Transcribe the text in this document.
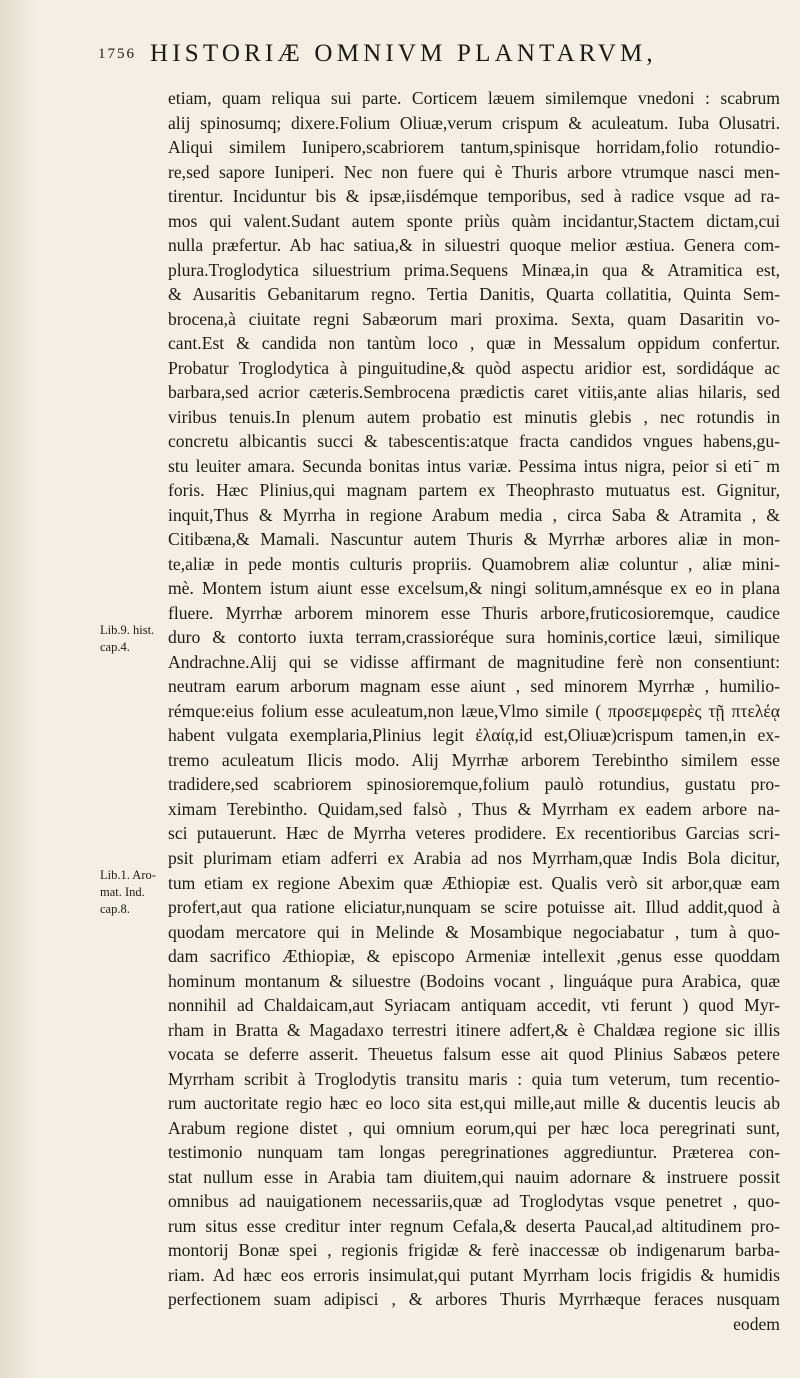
1756 HISTORIÆ OMNIVM PLANTARVM,
Lib.9. hist.
cap.4.
Lib.1. Aro-
mat. Ind.
cap.8.
etiam, quam reliqua sui parte. Corticem læuem similemque vnedoni : scabrum
alij spinosumq; dixere.Folium Oliuæ,verum crispum & aculeatum. Iuba Olusatri.
Aliqui similem Iunipero,scabriorem tantum,spinisque horridam,folio rotundio-
re,sed sapore Iuniperi. Nec non fuere qui è Thuris arbore vtrumque nasci men-
tirentur. Inciduntur bis & ipsæ,iisdémque temporibus, sed à radice vsque ad ra-
mos qui valent.Sudant autem sponte priùs quàm incidantur,Stactem dictam,cui
nulla præfertur. Ab hac satiua,& in siluestri quoque melior æstiua. Genera com-
plura.Troglodytica siluestrium prima.Sequens Minæa,in qua & Atramitica est,
& Ausaritis Gebanitarum regno. Tertia Danitis, Quarta collatitia, Quinta Sem-
brocena,à ciuitate regni Sabæorum mari proxima. Sexta, quam Dasaritin vo-
cant.Est & candida non tantùm loco , quæ in Messalum oppidum confertur.
Probatur Troglodytica à pinguitudine,& quòd aspectu aridior est, sordidáque ac
barbara,sed acrior cæteris.Sembrocena prædictis caret vitiis,ante alias hilaris, sed
viribus tenuis.In plenum autem probatio est minutis glebis , nec rotundis in
concretu albicantis succi & tabescentis:atque fracta candidos vngues habens,gu-
stu leuiter amara. Secunda bonitas intus variæ. Pessima intus nigra, peior si eti ̄ m
foris. Hæc Plinius,qui magnam partem ex Theophrasto mutuatus est. Gignitur,
inquit,Thus & Myrrha in regione Arabum media , circa Saba & Atramita , &
Citibæna,& Mamali. Nascuntur autem Thuris & Myrrhæ arbores aliæ in mon-
te,aliæ in pede montis culturis propriis. Quamobrem aliæ coluntur , aliæ mini-
mè. Montem istum aiunt esse excelsum,& ningi solitum,amnésque ex eo in plana
fluere. Myrrhæ arborem minorem esse Thuris arbore,fruticosioremque, caudice
duro & contorto iuxta terram,crassioréque sura hominis,cortice læui, similique
Andrachne.Alij qui se vidisse affirmant de magnitudine ferè non consentiunt:
neutram earum arborum magnam esse aiunt , sed minorem Myrrhæ , humilio-
rémque:eius folium esse aculeatum,non læue,Vlmo simile ( προσεμφερὲς τῇ πτελέᾳ
habent vulgata exemplaria,Plinius legit ἐλαίᾳ,id est,Oliuæ)crispum tamen,in ex-
tremo aculeatum Ilicis modo. Alij Myrrhæ arborem Terebintho similem esse
tradidere,sed scabriorem spinosioremque,folium paulò rotundius, gustatu pro-
ximam Terebintho. Quidam,sed falsò , Thus & Myrrham ex eadem arbore na-
sci putauerunt. Hæc de Myrrha veteres prodidere. Ex recentioribus Garcias scri-
psit plurimam etiam adferri ex Arabia ad nos Myrrham,quæ Indis Bola dicitur,
tum etiam ex regione Abexim quæ Æthiopiæ est. Qualis verò sit arbor,quæ eam
profert,aut qua ratione eliciatur,nunquam se scire potuisse ait. Illud addit,quod à
quodam mercatore qui in Melinde & Mosambique negociabatur , tum à quo-
dam sacrifico Æthiopiæ, & episcopo Armeniæ intellexit ,genus esse quoddam
hominum montanum & siluestre (Bodoins vocant , linguáque pura Arabica, quæ
nonnihil ad Chaldaicam,aut Syriacam antiquam accedit, vti ferunt ) quod Myr-
rham in Bratta & Magadaxo terrestri itinere adfert,& è Chaldæa regione sic illis
vocata se deferre asserit. Theuetus falsum esse ait quod Plinius Sabæos petere
Myrrham scribit à Troglodytis transitu maris : quia tum veterum, tum recentio-
rum auctoritate regio hæc eo loco sita est,qui mille,aut mille & ducentis leucis ab
Arabum regione distet , qui omnium eorum,qui per hæc loca peregrinati sunt,
testimonio nunquam tam longas peregrinationes aggrediuntur. Præterea con-
stat nullum esse in Arabia tam diuitem,qui nauim adornare & instruere possit
omnibus ad nauigationem necessariis,quæ ad Troglodytas vsque penetret , quo-
rum situs esse creditur inter regnum Cefala,& deserta Paucal,ad altitudinem pro-
montorij Bonæ spei , regionis frigidæ & ferè inaccessæ ob indigenarum barba-
riam. Ad hæc eos erroris insimulat,qui putant Myrrham locis frigidis & humidis
perfectionem suam adipisci , & arbores Thuris Myrrhæque feraces nusquam
eodem
